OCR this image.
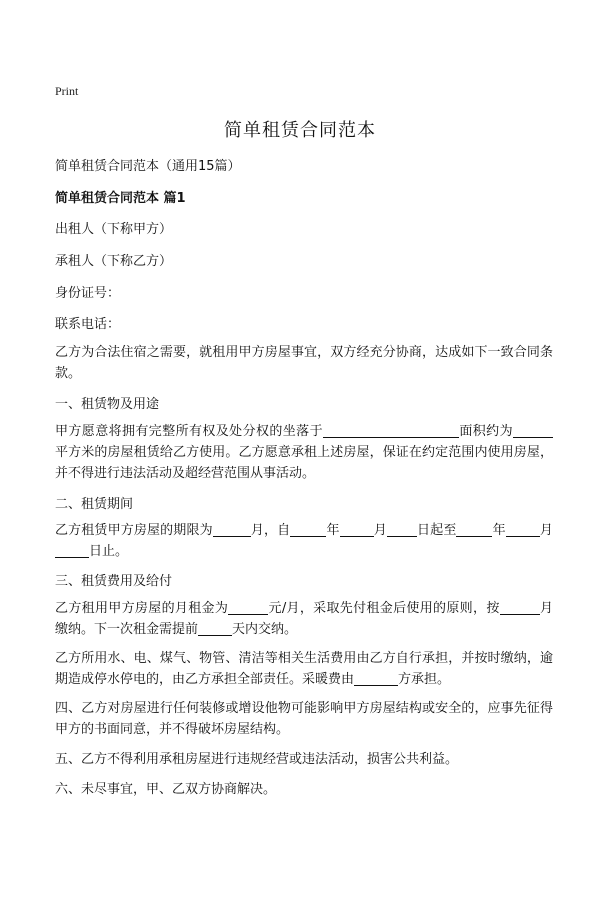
Print
简单租赁合同范本
简单租赁合同范本（通用15篇）
简单租赁合同范本 篇1
出租人（下称甲方）
承租人（下称乙方）
身份证号：
联系电话：
乙方为合法住宿之需要，就租用甲方房屋事宜，双方经充分协商，达成如下一致合同条款。
一、租赁物及用途
甲方愿意将拥有完整所有权及处分权的坐落于	面积约为平方米的房屋租赁给乙方使用。乙方愿意承租上述房屋，保证在约定范围内使用房屋，并不得进行违法活动及超经营范围从事活动。
二、租赁期间
乙方租赁甲方房屋的期限为	月，自	年	月 日起至	年	月日止。
三、租赁费用及给付
乙方租用甲方房屋的月租金为	元/月，采取先付租金后使用的原则，按	月缴纳。下一次租金需提前	天内交纳。
乙方所用水、电、煤气、物管、清洁等相关生活费用由乙方自行承担，并按时缴纳，逾期造成停水停电的，由乙方承担全部责任。采暖费由	方承担。
四、乙方对房屋进行任何装修或增设他物可能影响甲方房屋结构或安全的，应事先征得甲方的书面同意，并不得破坏房屋结构。
五、乙方不得利用承租房屋进行违规经营或违法活动，损害公共利益。
六、未尽事宜，甲、乙双方协商解决。
